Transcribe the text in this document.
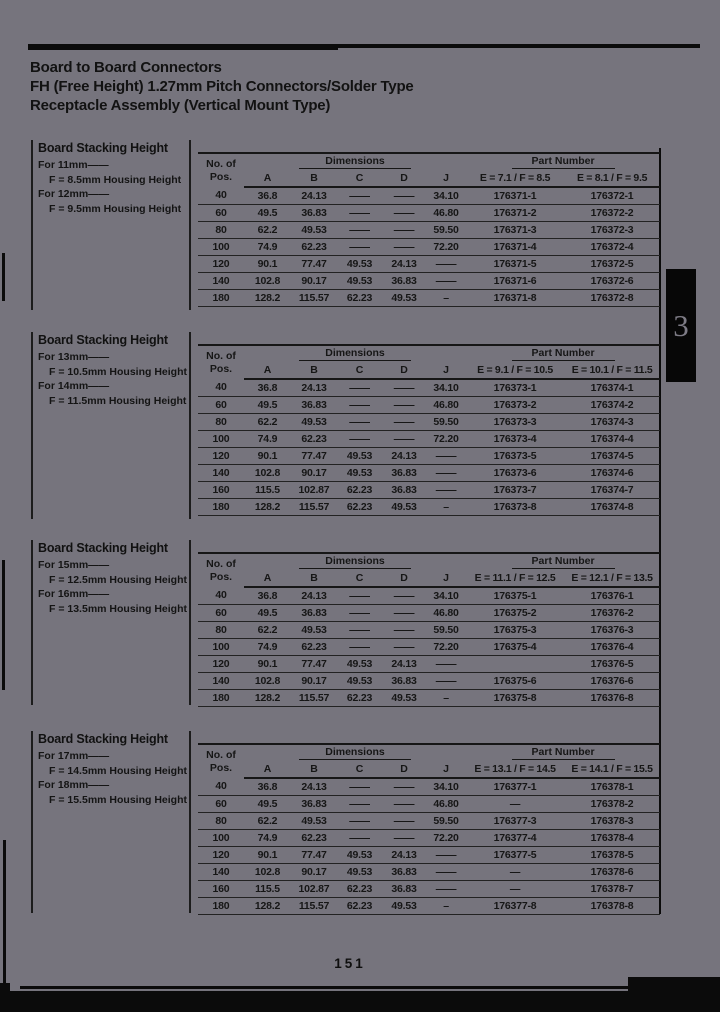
Board to Board Connectors
FH (Free Height) 1.27mm Pitch Connectors/Solder Type
Receptacle Assembly (Vertical Mount Type)
Board Stacking Height
For 11mm——
F = 8.5mm Housing Height
For 12mm——
F = 9.5mm Housing Height
No. of
Pos.	Dimensions					Part Number	
	A	B	C	D	J	E = 7.1 / F = 8.5	E = 8.1 / F = 9.5
40	36.8	24.13	——	——	34.10	176371-1	176372-1
60	49.5	36.83	——	——	46.80	176371-2	176372-2
80	62.2	49.53	——	——	59.50	176371-3	176372-3
100	74.9	62.23	——	——	72.20	176371-4	176372-4
120	90.1	77.47	49.53	24.13	——	176371-5	176372-5
140	102.8	90.17	49.53	36.83	——	176371-6	176372-6
180	128.2	115.57	62.23	49.53	–	176371-8	176372-8
Board Stacking Height
For 13mm——
F = 10.5mm Housing Height
For 14mm——
F = 11.5mm Housing Height
No. of
Pos.	Dimensions					Part Number	
	A	B	C	D	J	E = 9.1 / F = 10.5	E = 10.1 / F = 11.5
40	36.8	24.13	——	——	34.10	176373-1	176374-1
60	49.5	36.83	——	——	46.80	176373-2	176374-2
80	62.2	49.53	——	——	59.50	176373-3	176374-3
100	74.9	62.23	——	——	72.20	176373-4	176374-4
120	90.1	77.47	49.53	24.13	——	176373-5	176374-5
140	102.8	90.17	49.53	36.83	——	176373-6	176374-6
160	115.5	102.87	62.23	36.83	——	176373-7	176374-7
180	128.2	115.57	62.23	49.53	–	176373-8	176374-8
Board Stacking Height
For 15mm——
F = 12.5mm Housing Height
For 16mm——
F = 13.5mm Housing Height
No. of
Pos.	Dimensions					Part Number	
	A	B	C	D	J	E = 11.1 / F = 12.5	E = 12.1 / F = 13.5
40	36.8	24.13	——	——	34.10	176375-1	176376-1
60	49.5	36.83	——	——	46.80	176375-2	176376-2
80	62.2	49.53	——	——	59.50	176375-3	176376-3
100	74.9	62.23	——	——	72.20	176375-4	176376-4
120	90.1	77.47	49.53	24.13	——		176376-5
140	102.8	90.17	49.53	36.83	——	176375-6	176376-6
180	128.2	115.57	62.23	49.53	–	176375-8	176376-8
Board Stacking Height
For 17mm——
F = 14.5mm Housing Height
For 18mm——
F = 15.5mm Housing Height
No. of
Pos.	Dimensions					Part Number	
	A	B	C	D	J	E = 13.1 / F = 14.5	E = 14.1 / F = 15.5
40	36.8	24.13	——	——	34.10	176377-1	176378-1
60	49.5	36.83	——	——	46.80	—	176378-2
80	62.2	49.53	——	——	59.50	176377-3	176378-3
100	74.9	62.23	——	——	72.20	176377-4	176378-4
120	90.1	77.47	49.53	24.13	——	176377-5	176378-5
140	102.8	90.17	49.53	36.83	——	—	176378-6
160	115.5	102.87	62.23	36.83	——	—	176378-7
180	128.2	115.57	62.23	49.53	–	176377-8	176378-8
3
151
